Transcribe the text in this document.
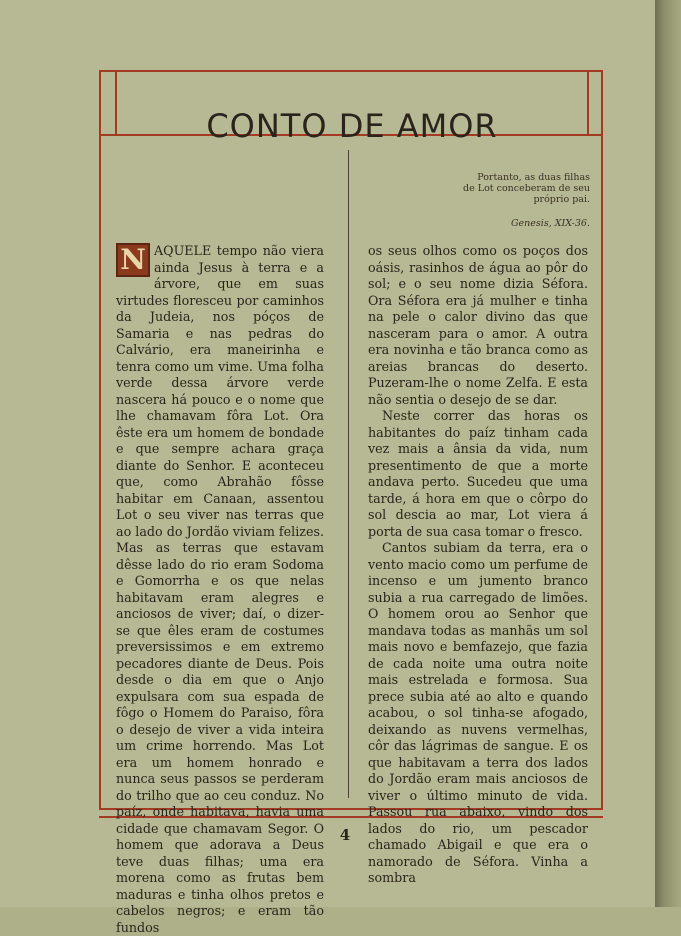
CONTO DE AMOR
Portanto, as duas filhas
de Lot conceberam de seu
próprio pai.
Genesis, XIX-36.

N AQUELE tempo não viera ainda Jesus à terra e a árvore, que em suas virtudes floresceu por caminhos da Judeia, nos póços de Samaria e nas pedras do Calvário, era maneirinha e tenra como um vime. Uma folha verde dessa árvore verde nascera há pouco e o nome que lhe chamavam fôra Lot. Ora êste era um homem de bondade e que sempre achara graça diante do Senhor. E aconteceu que, como Abrahão fôsse habitar em Canaan, assentou Lot o seu viver nas terras que ao lado do Jordão viviam felizes. Mas as terras que estavam dêsse lado do rio eram Sodoma e Gomorrha e os que nelas habitavam eram alegres e anciosos de viver; daí, o dizer-se que êles eram de costumes preversissimos e em extremo pecadores diante de Deus. Pois desde o dia em que o Anjo expulsara com sua espada de fôgo o Homem do Paraiso, fôra o desejo de viver a vida inteira um crime horrendo. Mas Lot era um homem honrado e nunca seus passos se perderam do trilho que ao ceu conduz. No paíz, onde habitava, havia uma cidade que chamavam Segor. O homem que adorava a Deus teve duas filhas; uma era morena como as frutas bem maduras e tinha olhos pretos e cabelos negros; e eram tão fundos

os seus olhos como os poços dos oásis, rasinhos de água ao pôr do sol; e o seu nome dizia Séfora. Ora Séfora era já mulher e tinha na pele o calor divino das que nasceram para o amor. A outra era novinha e tão branca como as areias brancas do deserto. Puzeram-lhe o nome Zelfa. E esta não sentia o desejo de se dar.

Neste correr das horas os habitantes do paíz tinham cada vez mais a ânsia da vida, num presentimento de que a morte andava perto. Sucedeu que uma tarde, á hora em que o côrpo do sol descia ao mar, Lot viera á porta de sua casa tomar o fresco.

Cantos subiam da terra, era o vento macio como um perfume de incenso e um jumento branco subia a rua carregado de limões. O homem orou ao Senhor que mandava todas as manhãs um sol mais novo e bemfazejo, que fazia de cada noite uma outra noite mais estrelada e formosa. Sua prece subia até ao alto e quando acabou, o sol tinha-se afogado, deixando as nuvens vermelhas, côr das lágrimas de sangue. E os que habitavam a terra dos lados do Jordão eram mais anciosos de viver o último minuto de vida. Passou rua abaixo, vindo dos lados do rio, um pescador chamado Abigail e que era o namorado de Séfora. Vinha a sombra

4
